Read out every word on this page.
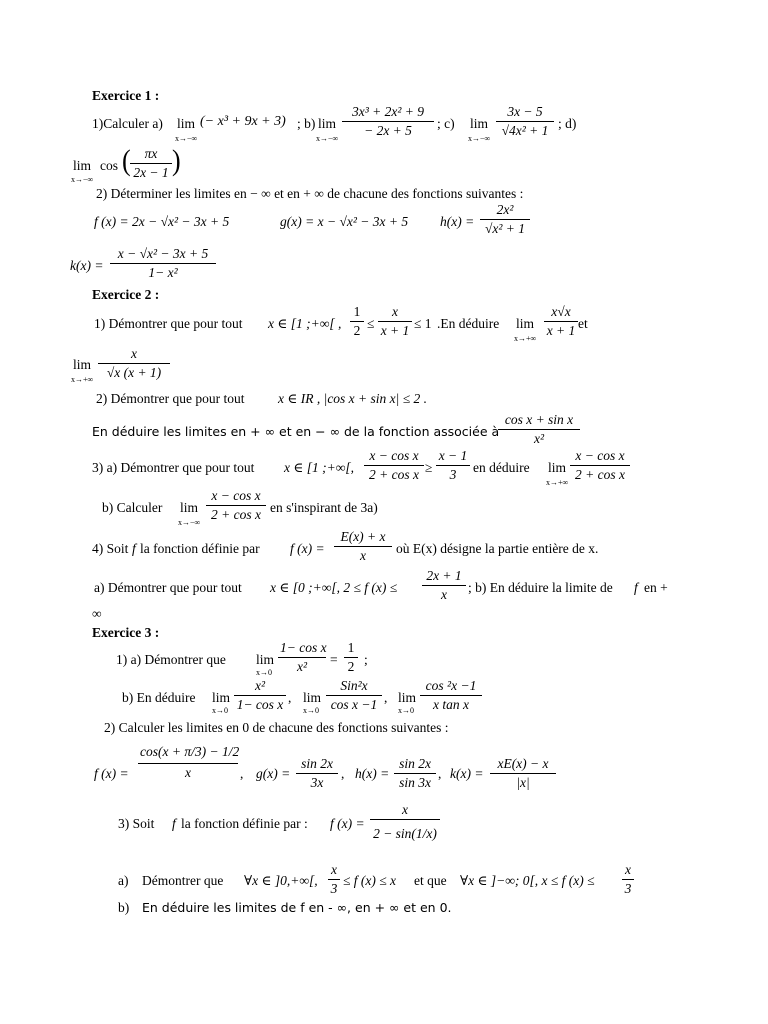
Exercice 1 :
1)Calculer a) lim
x→−∞
(− x³ + 9x + 3) ; b) lim
$x\to-\infty \frac{\text{3x³ + 2x² + 9}}{- 2x + 5}$ ; c) lim
$x\to-\infty \frac{3x - 5}{\text{√4x² + 1}}$ ; d)
lim
x→−∞
cos ( $\frac{\pi x}{2x - 1}$ )
2) Déterminer les limites en − ∞ et en + ∞ de chacune des fonctions suivantes :
f (x) = 2x − √x² − 3x + 5	g(x) = x − √x² − 3x + 5 $h(x) = \frac{\text{2x²}}{\text{√x² + 1}}$
$k(x) = \frac{\text{x − √x² − 3x + 5}}{\text{1− x²}}$
Exercice 2 :
1) Démontrer que pour tout x ∈ [1 ;+∞[ , $\frac{1}{2} \le \frac{x}{x + 1} \le 1$ .En déduire lim
$x\to+\infty \frac{x√x}{x + 1}$ et
lim
$x\to+\infty \frac{x}{√x (x + 1)}$
2) Démontrer que pour tout x ∈ IR , |cos x + sin x| ≤ 2 .
En déduire les limites en + ∞ et en − ∞ de la fonction associée à
$\frac{\text{cos x + sin x}}{\text{x²}}$
3) a) Démontrer que pour tout x ∈ [1 ;+∞[, $\frac{\text{x − cos x}}{\text{2 + cos x}} \ge \frac{x - 1}{3}$ en déduire lim
$x\to+\infty \frac{\text{x − cos x}}{\text{2 + cos x}}$
b) Calculer lim
$x\to-\infty \frac{\text{x − cos x}}{\text{2 + cos x}}$ en s'inspirant de 3a)
4) Soit f la fonction définie par f $(x) = \frac{E(x) + x}{x}$ où E(x) désigne la partie entière de x.
a) Démontrer que pour tout x ∈ [0 ;+∞[, 2 ≤ f $(x) \le \frac{2x + 1}{x}$ ; b) En déduire la limite de f en +
∞
Exercice 3 :
1) a) Démontrer que lim
$x\to 0 \frac{\text{1− cos x}}{\text{x²}} = \frac{1}{2}$ ;
b) En déduire lim
$x\to 0 \frac{\text{x²}}{\text{1− cos x}}$ , lim
x→0
Sin²x
cos x −1 , lim
$x\to 0 \frac{\text{cos ²x −1}}{\text{x tan x}}$
2) Calculer les limites en 0 de chacune des fonctions suivantes :
f $(x) = \frac{\cos(x + \pi/3) - 1/2}{x}$ , $g(x) = \frac{\sin 2x}{3x}$ , $h(x) = \frac{\sin 2x}{\sin 3x}$ , $k(x) = \frac{xE(x) - x}{|x|}$
3) Soit f la fonction définie par : f $(x) = \frac{x}{2 - \sin(1/x)}$
a) Démontrer que ∀x ∈ ]0,+∞[, $\frac{x}{3} \le f$ (x) ≤ x et que ∀x ∈ ]−∞; 0[, x ≤ f $(x) \le \frac{x}{3}$
b) En déduire les limites de f en - ∞, en + ∞ et en 0.
